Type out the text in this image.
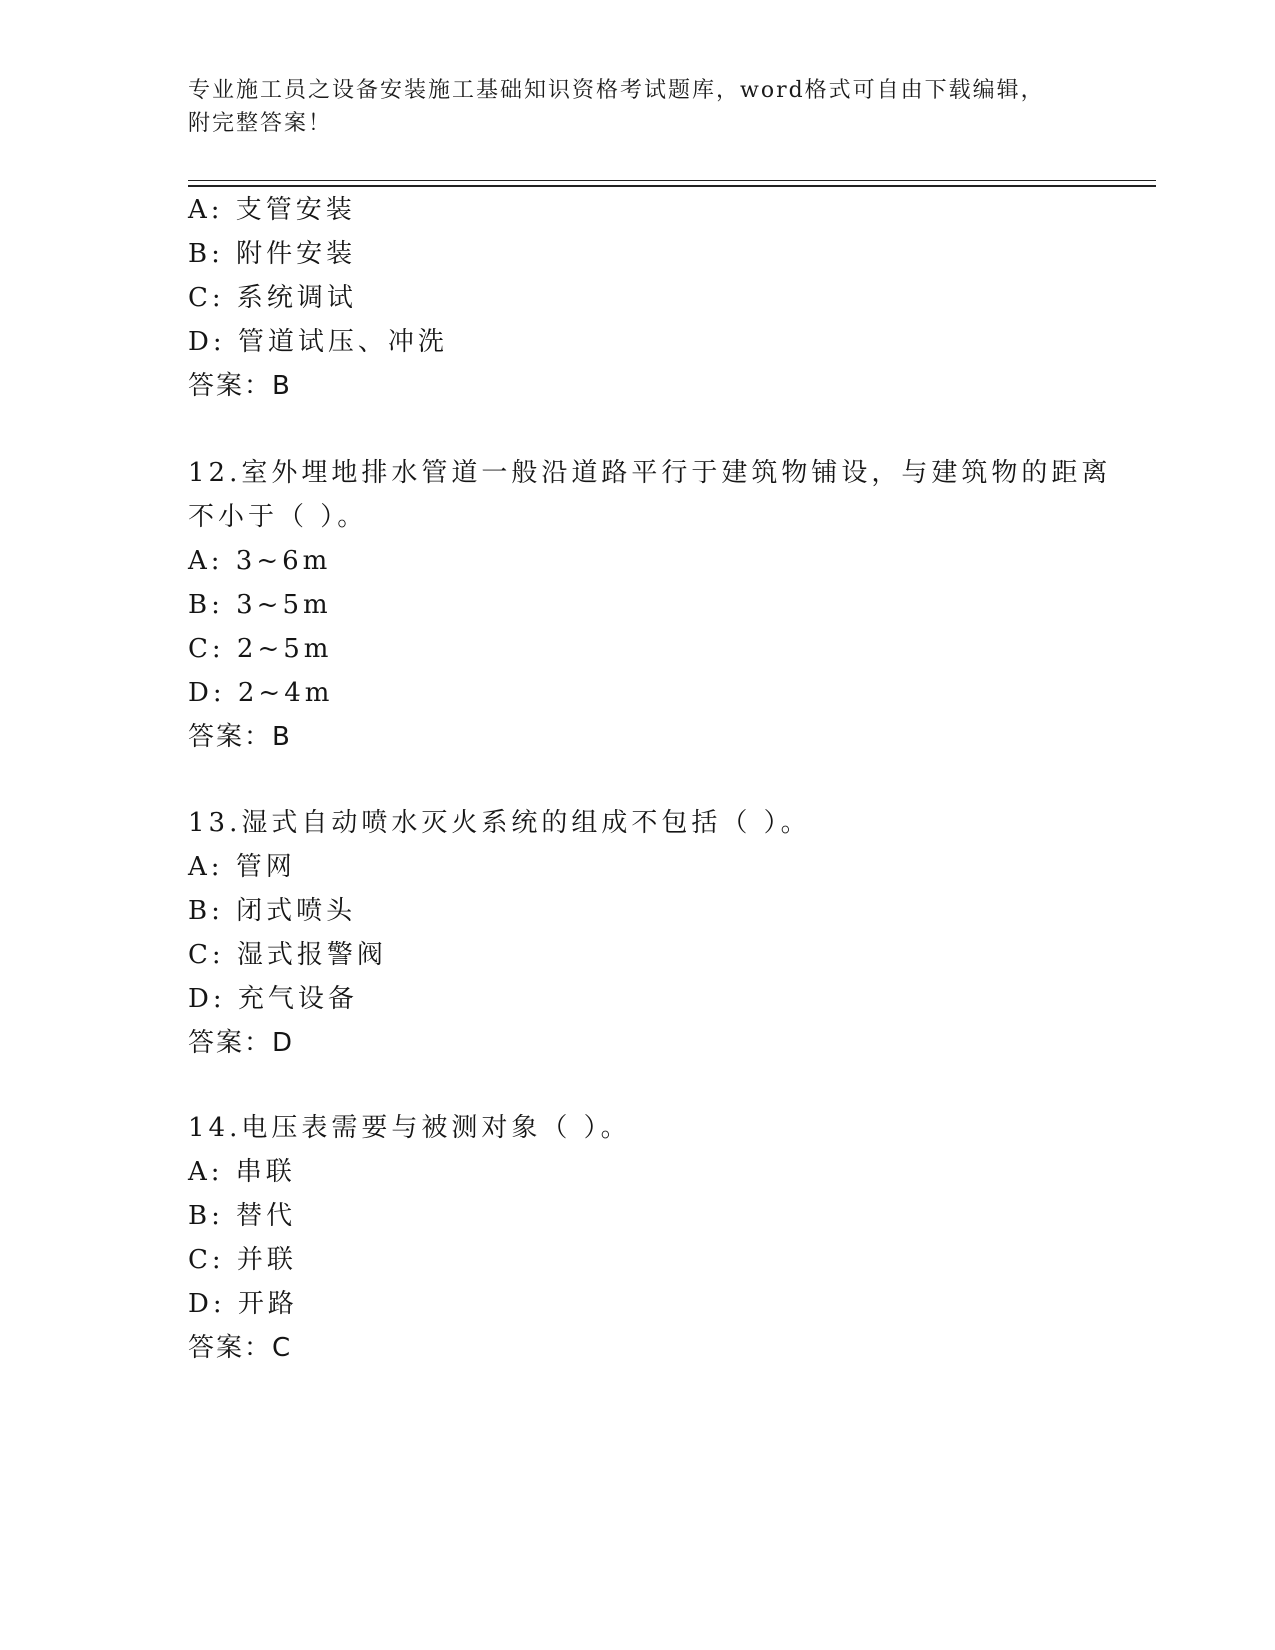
专业施工员之设备安装施工基础知识资格考试题库，word格式可自由下载编辑，
附完整答案！
A: 支管安装
B: 附件安装
C: 系统调试
D: 管道试压、冲洗
答案：B
12.室外埋地排水管道一般沿道路平行于建筑物铺设，与建筑物的距离
不小于（ ）。
A: 3~6m
B: 3~5m
C: 2~5m
D: 2~4m
答案：B
13.湿式自动喷水灭火系统的组成不包括（ ）。
A: 管网
B: 闭式喷头
C: 湿式报警阀
D: 充气设备
答案：D
14.电压表需要与被测对象（ ）。
A: 串联
B: 替代
C: 并联
D: 开路
答案：C
